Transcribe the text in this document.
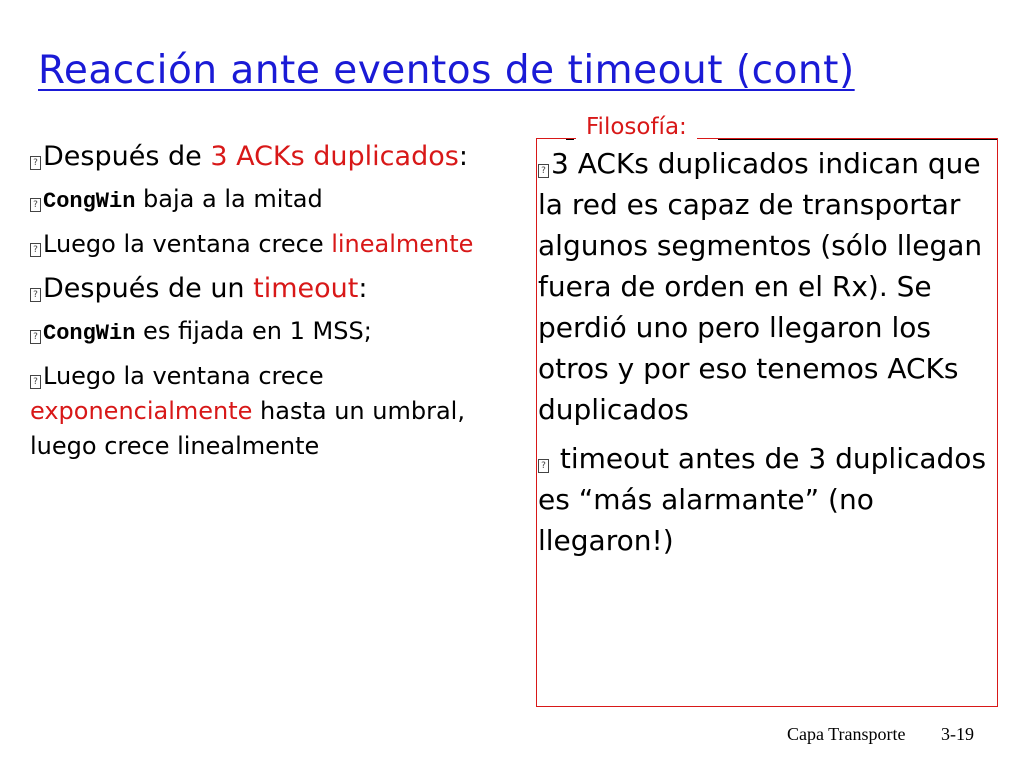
Reacción ante eventos de timeout (cont)
? Después de 3 ACKs duplicados:
? CongWin baja a la mitad
? Luego la ventana crece linealmente
? Después de un timeout:
? CongWin es fijada en 1 MSS;
? Luego la ventana crece exponencialmente hasta un umbral, luego crece linealmente
Filosofía:
? 3 ACKs duplicados indican que la red es capaz de transportar algunos segmentos (sólo llegan fuera de orden en el Rx). Se perdió uno pero llegaron los otros y por eso tenemos ACKs duplicados
? timeout antes de 3 duplicados es “más alarmante” (no llegaron!)
Capa Transporte 3-19
